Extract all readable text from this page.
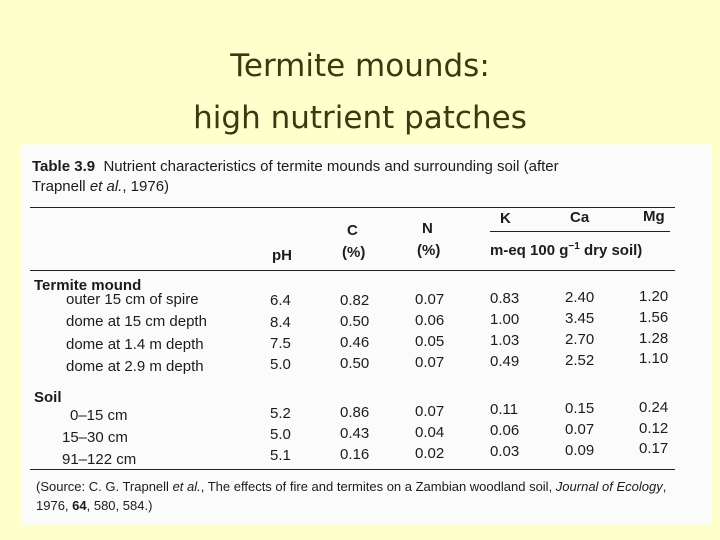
Termite mounds:
high nutrient patches
Table 3.9 Nutrient characteristics of termite mounds and surrounding soil (after
Trapnell et al., 1976)
pH
C
(%)
N
(%)
K	Ca	Mg
m-eq 100 $g^{-1}$ dry soil)
Termite mound
outer 15 cm of spire	6.4	0.82	0.07	0.83	2.40	1.20
dome at 15 cm depth	8.4	0.50	0.06	1.00	3.45	1.56
dome at 1.4 m depth	7.5	0.46	0.05	1.03	2.70	1.28
dome at 2.9 m depth	5.0	0.50	0.07	0.49	2.52	1.10
Soil
0–15 cm	5.2	0.86	0.07	0.11	0.15	0.24
15–30 cm	5.0	0.43	0.04	0.06	0.07	0.12
91–122 cm	5.1	0.16	0.02	0.03	0.09	0.17
(Source: C. G. Trapnell et al., The effects of fire and termites on a Zambian woodland soil, Journal of Ecology, 1976, 64, 580, 584.)
